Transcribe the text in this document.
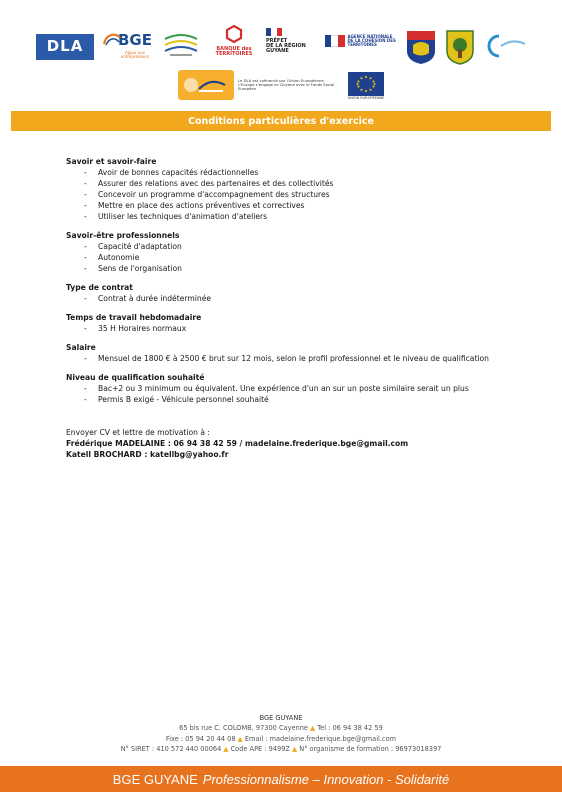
DLA BGE
Appui aux entrepreneurs
BANQUE des TERRITOIRES
PRÉFET
DE LA RÉGION
GUYANE
AGENCE NATIONALE DE LA COHÉSION DES TERRITOIRES
Le DLA est cofinancé par l'Union Européenne. L'Europe s'engage en Guyane avec le Fonds Social Européen
UNION EUROPÉENNE
Conditions particulières d'exercice
Savoir et savoir-faire
- Avoir de bonnes capacités rédactionnelles
- Assurer des relations avec des partenaires et des collectivités
- Concevoir un programme d'accompagnement des structures
- Mettre en place des actions préventives et correctives
- Utiliser les techniques d'animation d'ateliers
Savoir-être professionnels
- Capacité d'adaptation
- Autonomie
- Sens de l'organisation
Type de contrat
- Contrat à durée indéterminée
Temps de travail hebdomadaire
- 35 H Horaires normaux
Salaire
- Mensuel de 1800 € à 2500 € brut sur 12 mois, selon le profil professionnel et le niveau de qualification
Niveau de qualification souhaité
- Bac+2 ou 3 minimum ou équivalent. Une expérience d'un an sur un poste similaire serait un plus
- Permis B exigé - Véhicule personnel souhaité
Envoyer CV et lettre de motivation à :
Frédérique MADELAINE : 06 94 38 42 59 / madelaine.frederique.bge@gmail.com
Katell BROCHARD : katellbg@yahoo.fr
BGE GUYANE
65 bis rue C. COLOMB, 97300 Cayenne ▲ Tel : 06 94 38 42 59
Fixe : 05 94 20 44 08 ▲ Email : madelaine.frederique.bge@gmail.com
N° SIRET : 410 572 440 00064 ▲ Code APE : 9499Z ▲ N° organisme de formation : 96973018397
BGE GUYANE Professionnalisme – Innovation - Solidarité
